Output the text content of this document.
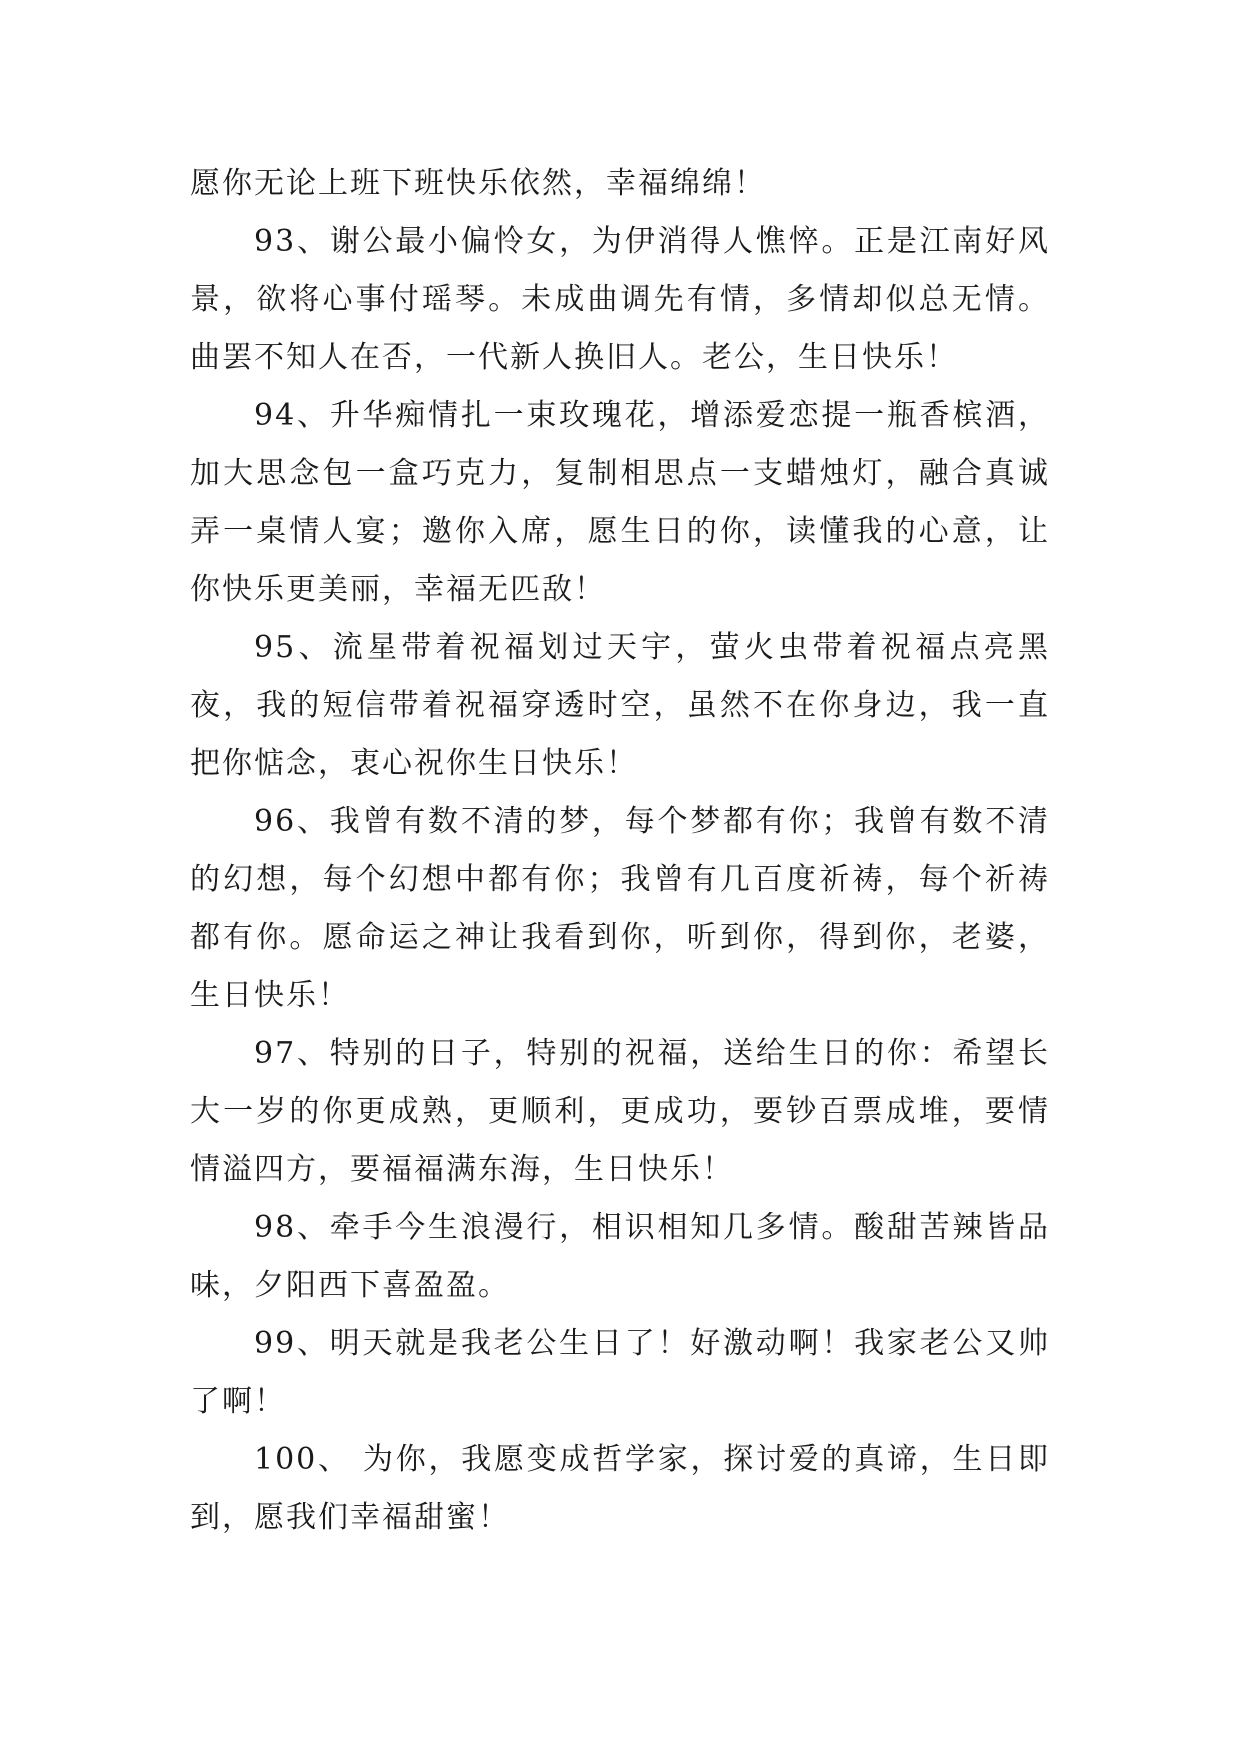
愿你无论上班下班快乐依然，幸福绵绵！

93、谢公最小偏怜女，为伊消得人憔悴。正是江南好风景，欲将心事付瑶琴。未成曲调先有情，多情却似总无情。曲罢不知人在否，一代新人换旧人。老公，生日快乐！

94、升华痴情扎一束玫瑰花，增添爱恋提一瓶香槟酒，加大思念包一盒巧克力，复制相思点一支蜡烛灯，融合真诚弄一桌情人宴；邀你入席，愿生日的你，读懂我的心意，让你快乐更美丽，幸福无匹敌！

95、流星带着祝福划过天宇，萤火虫带着祝福点亮黑夜，我的短信带着祝福穿透时空，虽然不在你身边，我一直把你惦念，衷心祝你生日快乐！

96、我曾有数不清的梦，每个梦都有你；我曾有数不清的幻想，每个幻想中都有你；我曾有几百度祈祷，每个祈祷都有你。愿命运之神让我看到你，听到你，得到你，老婆，生日快乐！

97、特别的日子，特别的祝福，送给生日的你：希望长大一岁的你更成熟，更顺利，更成功，要钞百票成堆，要情情溢四方，要福福满东海，生日快乐！

98、牵手今生浪漫行，相识相知几多情。酸甜苦辣皆品味，夕阳西下喜盈盈。

99、明天就是我老公生日了！好激动啊！我家老公又帅了啊！

100、 为你，我愿变成哲学家，探讨爱的真谛，生日即到，愿我们幸福甜蜜！
